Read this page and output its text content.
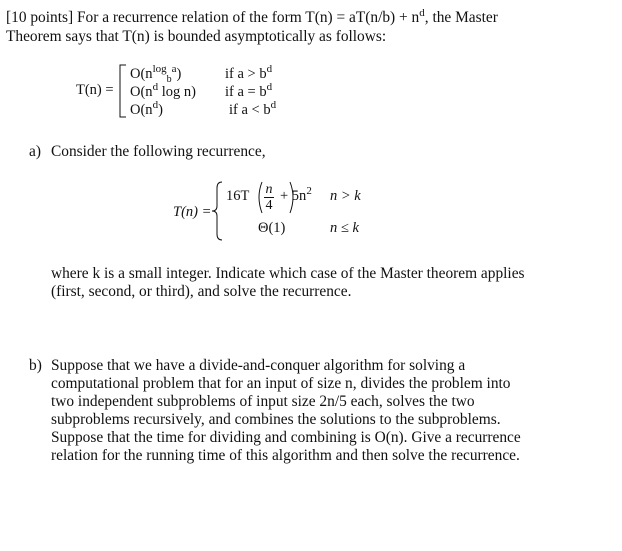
[10 points] For a recurrence relation of the form $T(n) = aT(n/b) + n^d$, the Master
Theorem says that T(n) is bounded asymptotically as follows:
T(n) =
$O(n^{log}_b^a)$	if $a > b^d$
$O(n^d$ log n) if $a = b^d$
$O(n^d)$	if $a < b^d$
a) Consider the following recurrence,
T(n) =
16T n
4
+ $5n^2$ n > k
Θ(1)	n ≤ k
where k is a small integer. Indicate which case of the Master theorem applies
(first, second, or third), and solve the recurrence.
b) Suppose that we have a divide-and-conquer algorithm for solving a
computational problem that for an input of size n, divides the problem into
two independent subproblems of input size 2n/5 each, solves the two
subproblems recursively, and combines the solutions to the subproblems.
Suppose that the time for dividing and combining is O(n). Give a recurrence
relation for the running time of this algorithm and then solve the recurrence.
